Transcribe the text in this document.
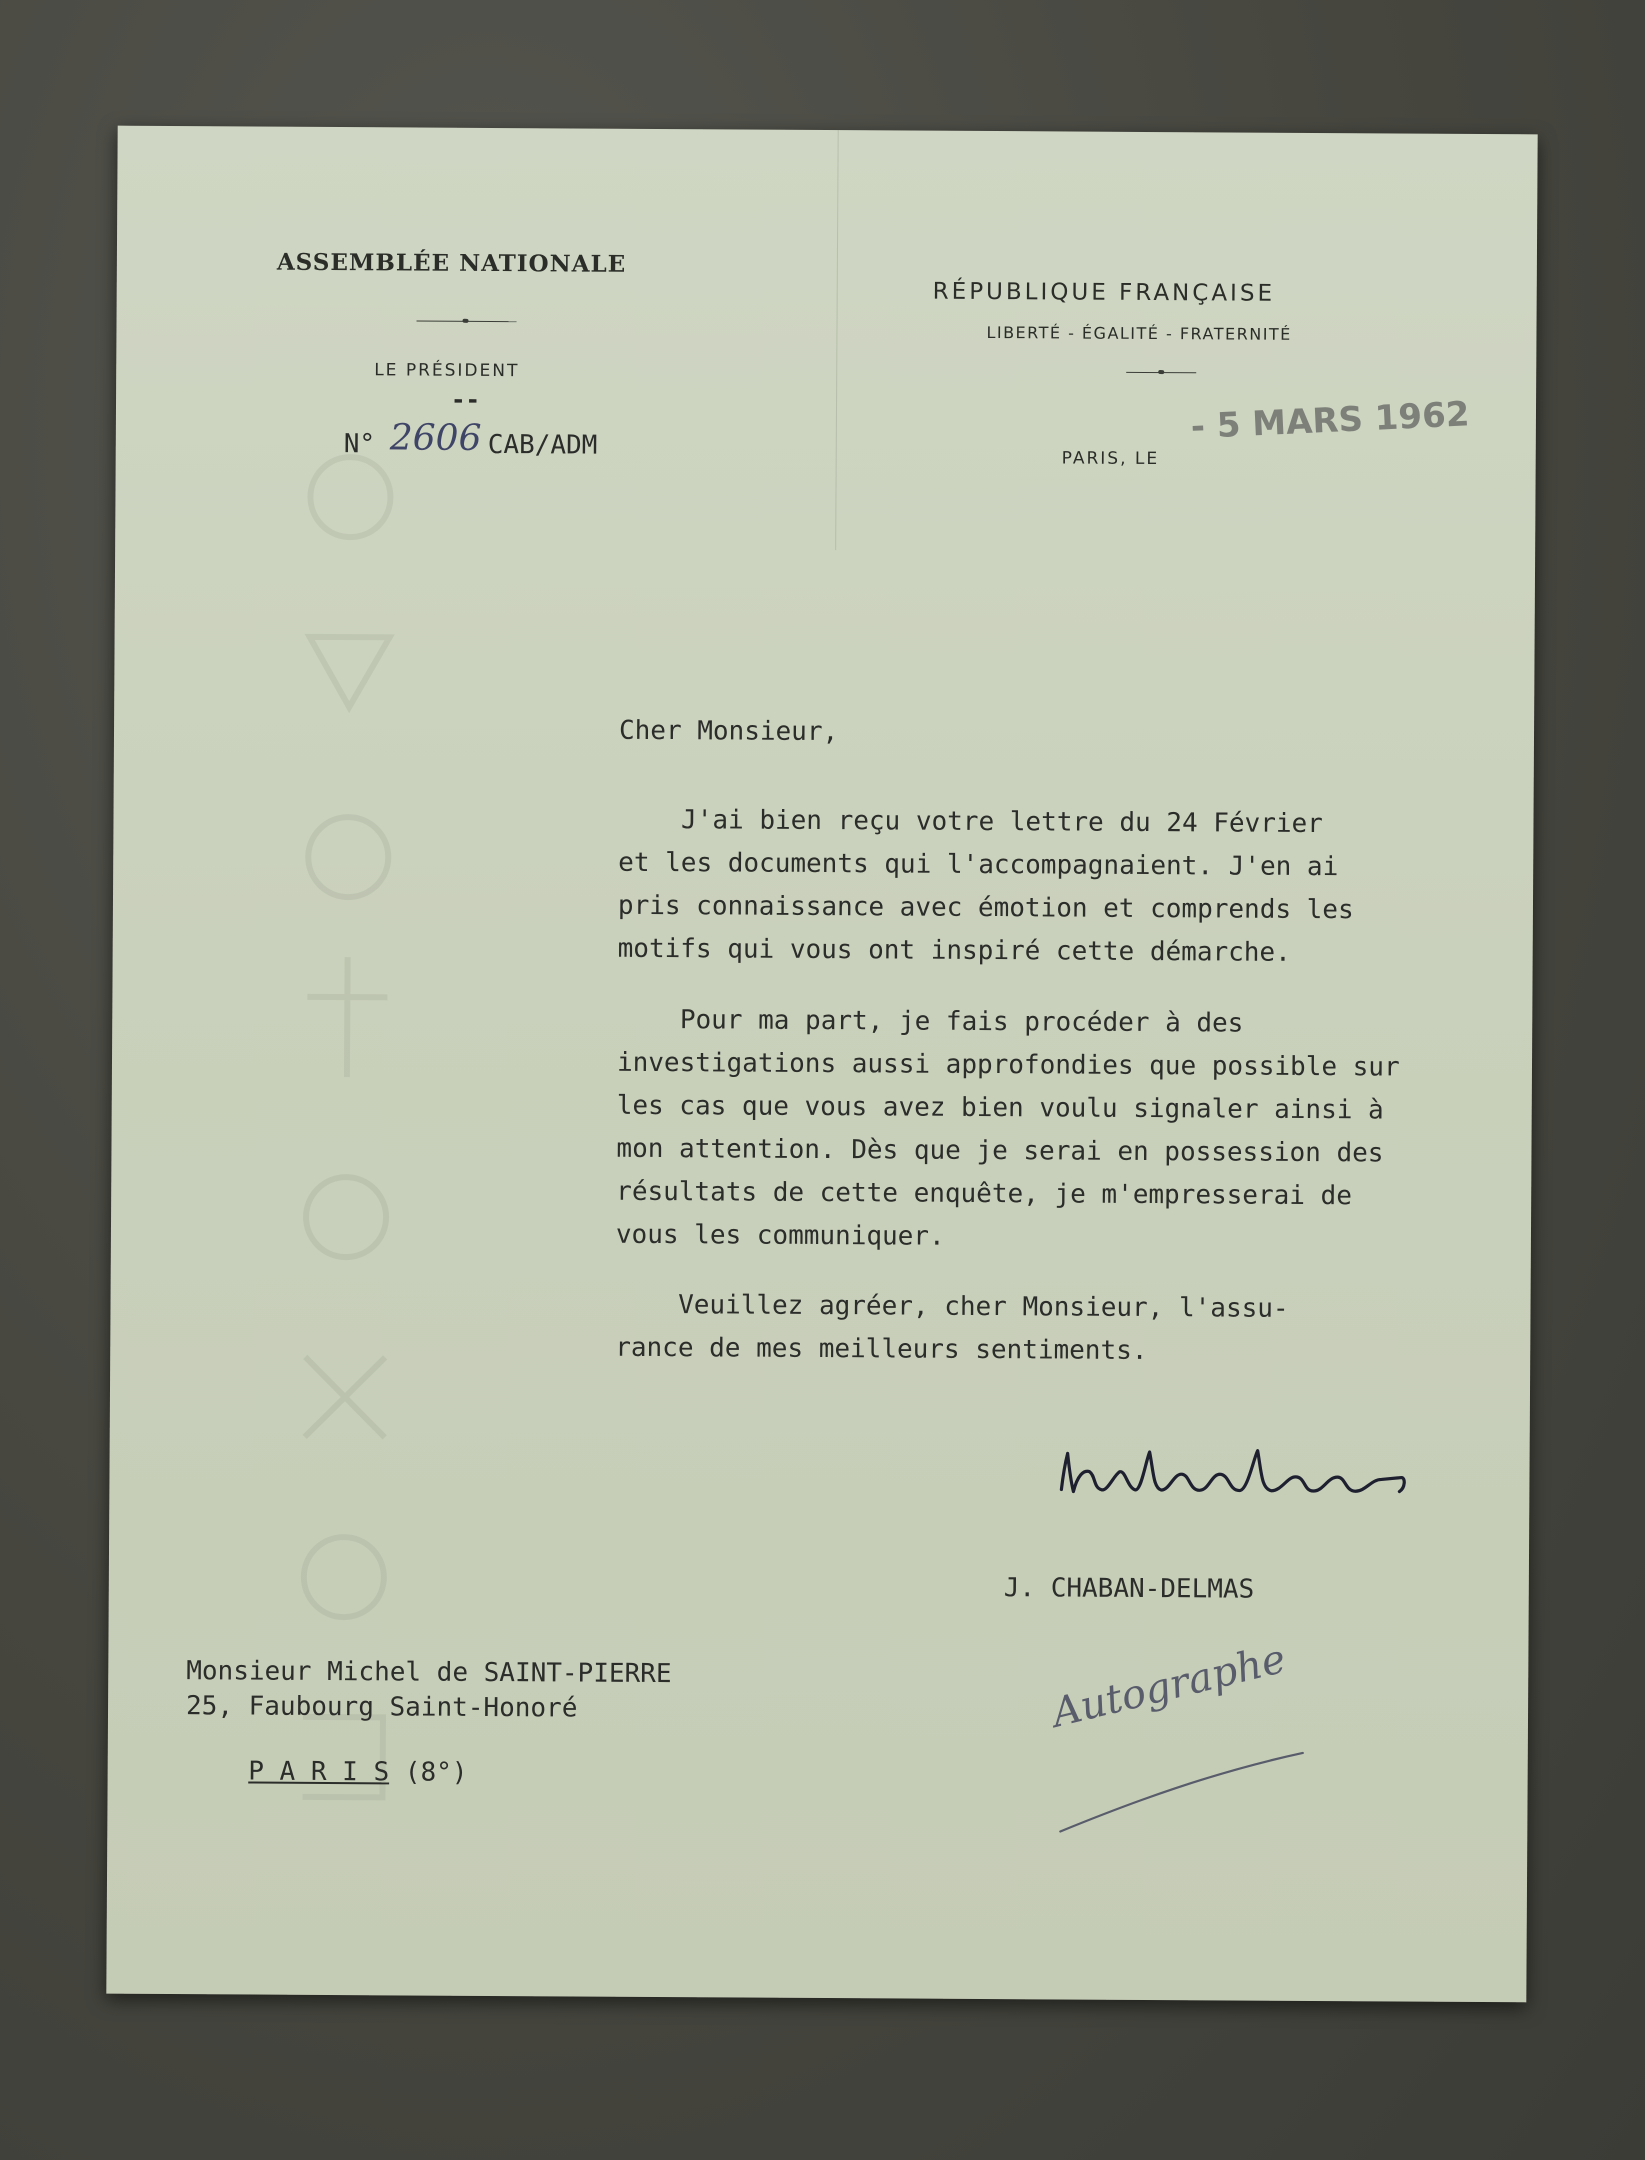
ASSEMBLÉE NATIONALE
LE PRÉSIDENT
--
N° 2606 CAB/ADM
RÉPUBLIQUE FRANÇAISE
LIBERTÉ - ÉGALITÉ - FRATERNITÉ
PARIS, LE
- 5 MARS 1962
Cher Monsieur,
J'ai bien reçu votre lettre du 24 Février
et les documents qui l'accompagnaient. J'en ai
pris connaissance avec émotion et comprends les
motifs qui vous ont inspiré cette démarche.
Pour ma part, je fais procéder à des
investigations aussi approfondies que possible sur
les cas que vous avez bien voulu signaler ainsi à
mon attention. Dès que je serai en possession des
résultats de cette enquête, je m'empresserai de
vous les communiquer.
Veuillez agréer, cher Monsieur, l'assu-
rance de mes meilleurs sentiments.
J. CHABAN-DELMAS
Monsieur Michel de SAINT-PIERRE
25, Faubourg Saint-Honoré

P A R I S (8°)

Autographe
